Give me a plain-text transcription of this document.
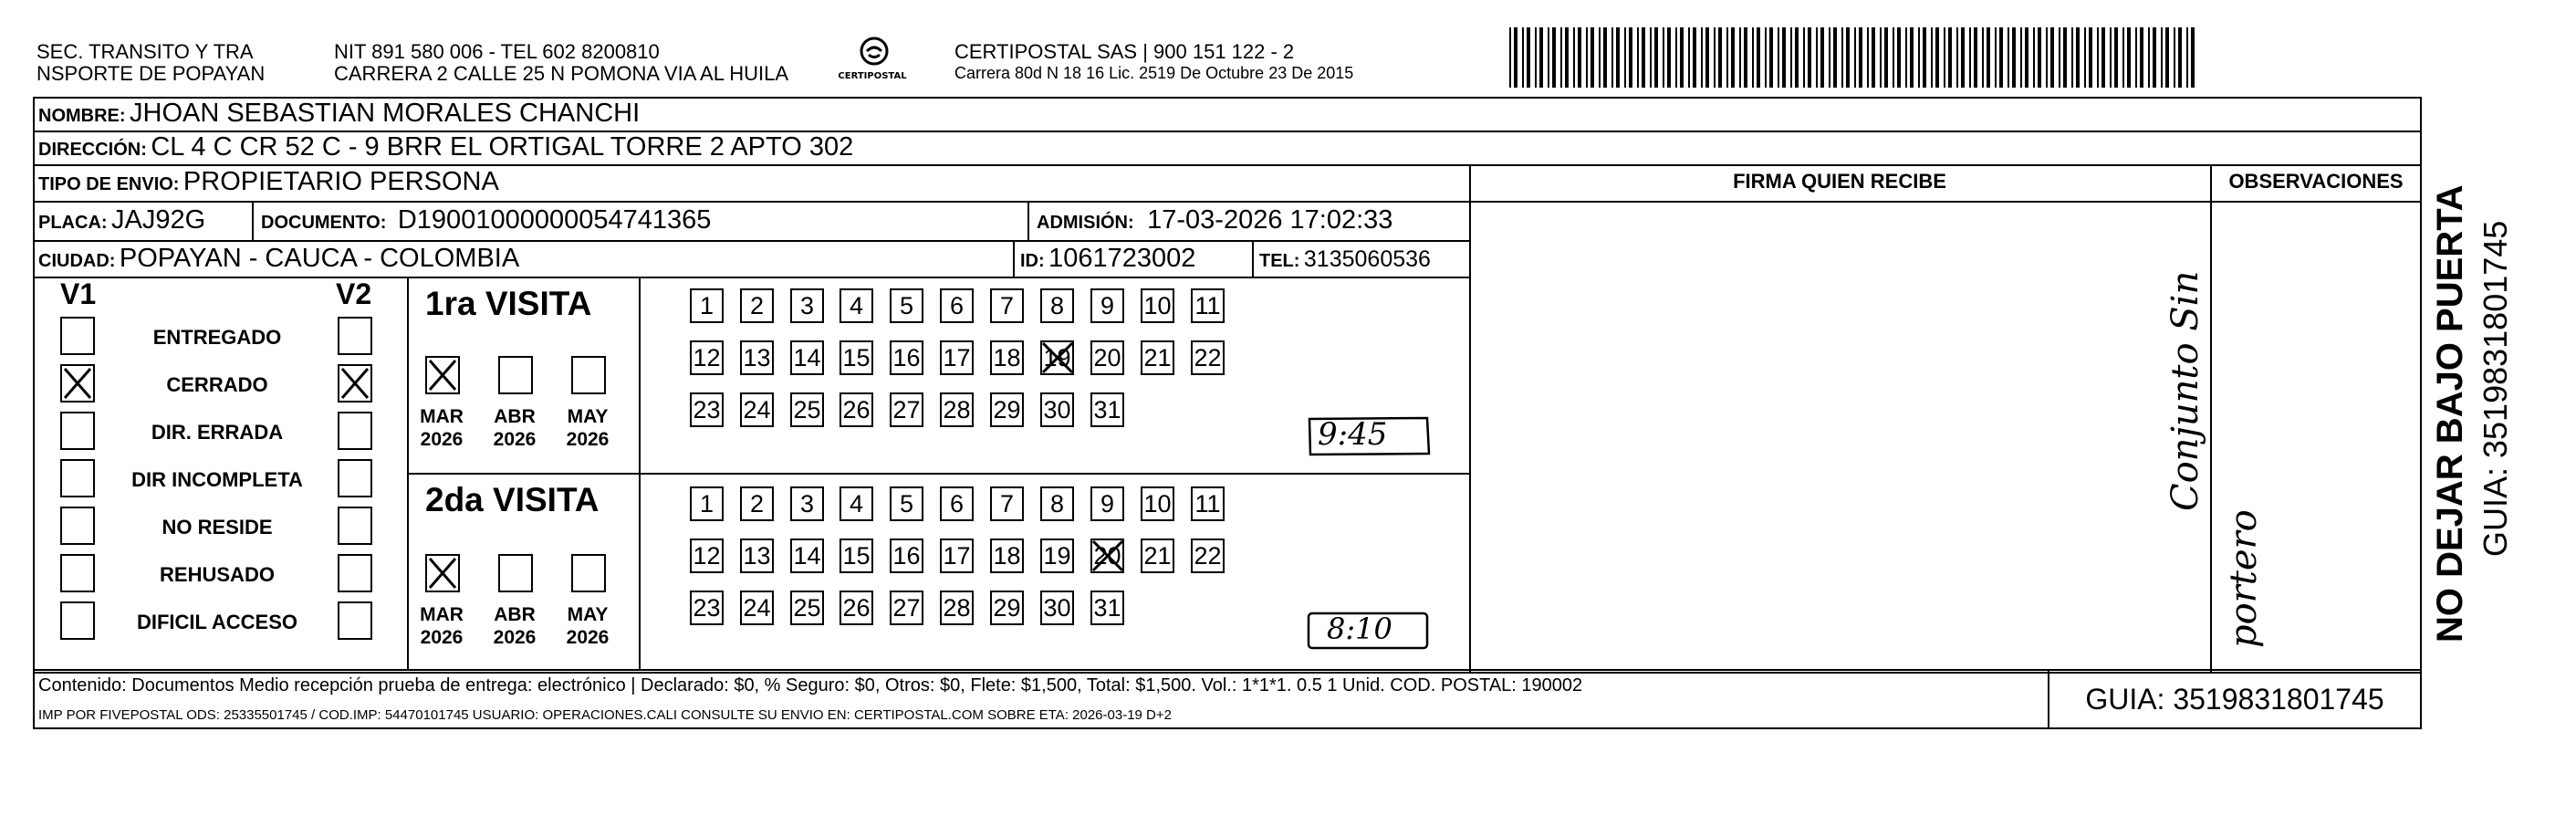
SEC. TRANSITO Y TRA
NSPORTE DE POPAYAN
NIT 891 580 006 - TEL 602 8200810
CARRERA 2 CALLE 25 N POMONA VIA AL HUILA	CERTIPOSTAL
CERTIPOSTAL SAS | 900 151 122 - 2
Carrera 80d N 18 16 Lic. 2519 De Octubre 23 De 2015
NOMBRE: JHOAN SEBASTIAN MORALES CHANCHI
DIRECCIÓN: CL 4 C CR 52 C - 9 BRR EL ORTIGAL TORRE 2 APTO 302
TIPO DE ENVIO: PROPIETARIO PERSONA
PLACA: JAJ92G	DOCUMENTO: D19001000000054741365	ADMISIÓN: 17-03-2026 17:02:33
CIUDAD: POPAYAN - CAUCA - COLOMBIA	ID: 1061723002	TEL: 3135060536
FIRMA QUIEN RECIBE	OBSERVACIONES
V1	V2
ENTREGADO
CERRADO
DIR. ERRADA
DIR INCOMPLETA
NO RESIDE
REHUSADO
DIFICIL ACCESO
1ra VISITA
2da VISITA
1	2	3	4	5	6	7	8	9	10 11
12 13 14 15 16 17 18 19 20 21 22
23 24 25 26 27 28 29 30 31
MAR
2026
ABR
2026
MAY
2026
1	2	3	4	5	6	7	8	9	10 11
12 13 14 15 16 17 18 19 20 21 22
23 24 25 26 27 28 29 30 31
MAR
2026
ABR
2026
MAY
2026
9:45
8:10
Conjunto Sin
portero	NO DEJAR BAJO PUERTA GUIA: 3519831801745
Contenido: Documentos Medio recepción prueba de entrega: electrónico | Declarado: $0, % Seguro: $0, Otros: $0, Flete: $1,500, Total: $1,500. Vol.: 1*1*1. 0.5 1 Unid. COD. POSTAL: 190002
IMP POR FIVEPOSTAL ODS: 25335501745 / COD.IMP: 54470101745 USUARIO: OPERACIONES.CALI CONSULTE SU ENVIO EN: CERTIPOSTAL.COM SOBRE ETA: 2026-03-19 D+2	GUIA: 3519831801745
